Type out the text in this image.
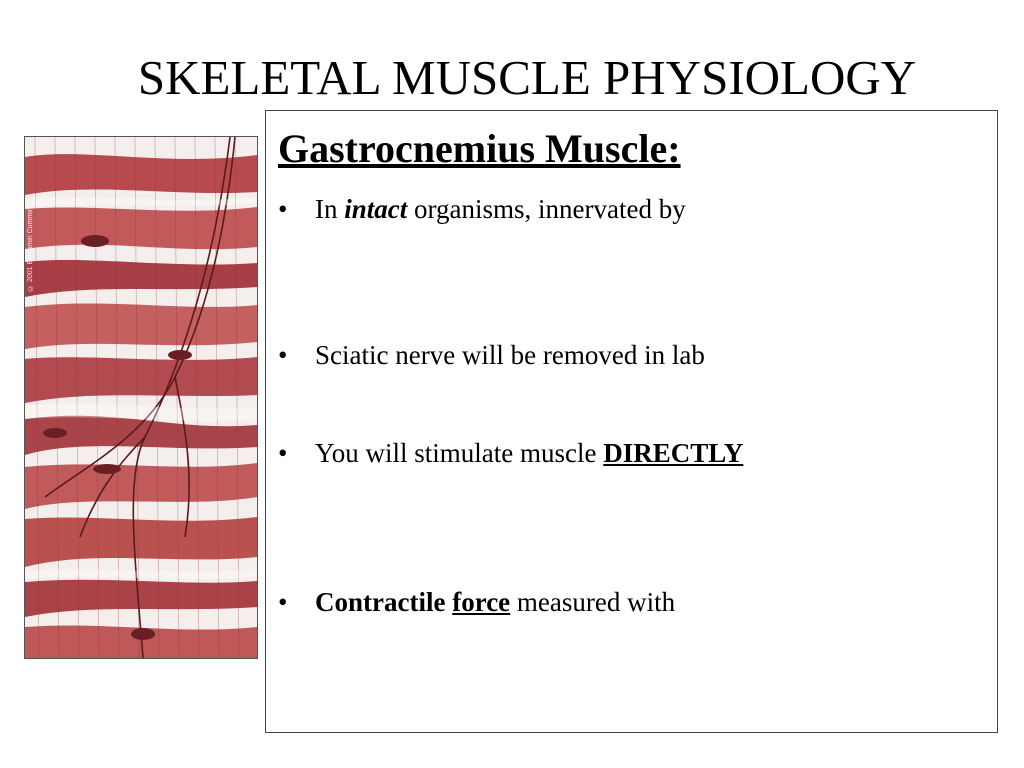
SKELETAL MUSCLE PHYSIOLOGY
© 2001 Benjamin Cummings
Gastrocnemius Muscle:
• In intact organisms, innervated by
• Sciatic nerve will be removed in lab
• You will stimulate muscle DIRECTLY
• Contractile force measured with
